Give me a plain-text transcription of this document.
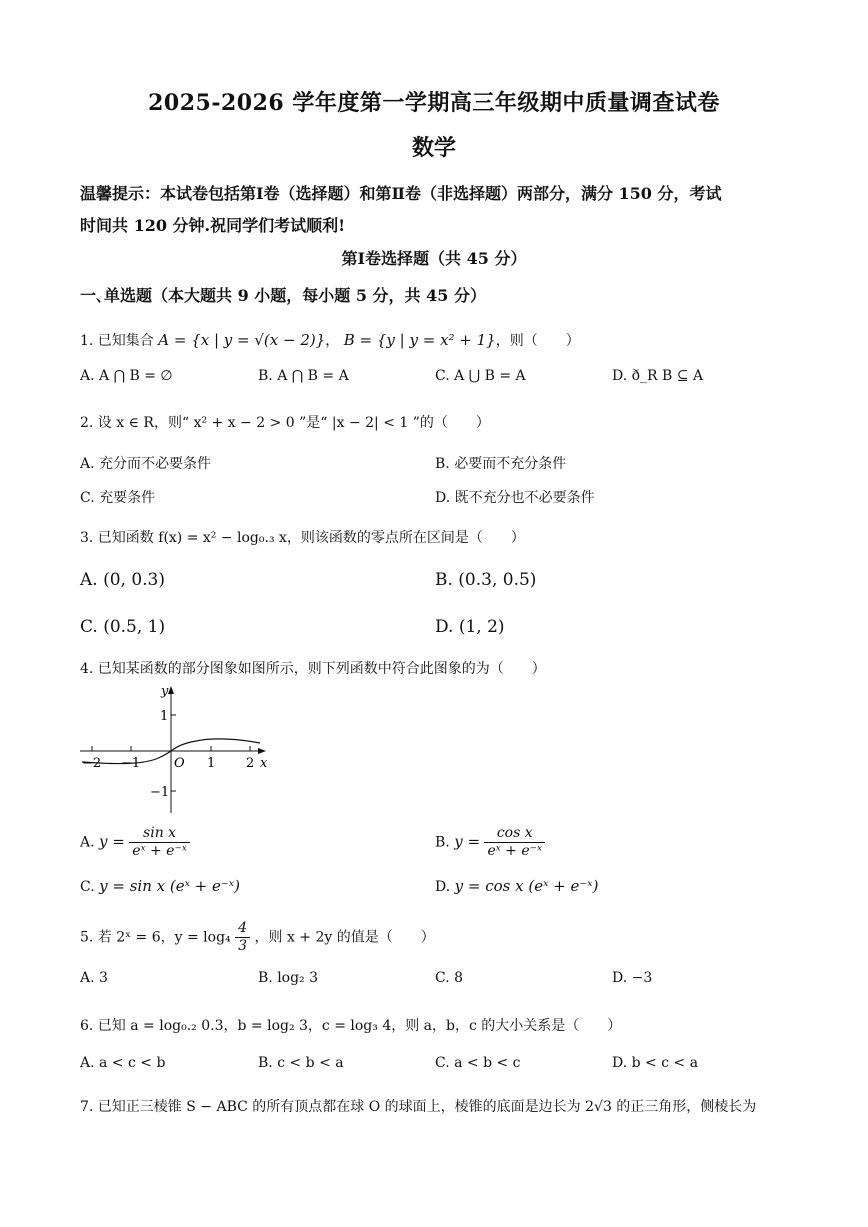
2025-2026 学年度第一学期高三年级期中质量调查试卷
数学
温馨提示：本试卷包括第Ⅰ卷（选择题）和第Ⅱ卷（非选择题）两部分，满分 150 分，考试
时间共 120 分钟.祝同学们考试顺利!
第Ⅰ卷选择题（共 45 分）
一､单选题（本大题共 9 小题，每小题 5 分，共 45 分）
1. 已知集合 A = {x | y = √(x − 2)}， B = {y | y = x² + 1}，则（　　）
A. A ⋂ B = ∅	B. A ⋂ B = A	C. A ⋃ B = A	D. ð_R B ⊆ A
2. 设 x ∈ R，则“ x² + x − 2 > 0 ”是“ |x − 2| < 1 ”的（　　）
A. 充分而不必要条件	B. 必要而不充分条件
C. 充要条件	D. 既不充分也不必要条件
3. 已知函数 f(x) = x² − log₀.₃ x，则该函数的零点所在区间是（　　）
A. (0, 0.3)	B. (0.3, 0.5)
C. (0.5, 1)	D. (1, 2)
4. 已知某函数的部分图象如图所示，则下列函数中符合此图象的为（　　）
y
x
O
−2 −1	1 2
1
−1
A. $y = \frac{\text{sin x}}{\text{eˣ + e⁻ˣ}}$	B. $y = \frac{\text{cos x}}{\text{eˣ + e⁻ˣ}}$
C. y = sin x (eˣ + e⁻ˣ)	D. y = cos x (eˣ + e⁻ˣ)
5. 若 2ˣ = 6，$y = \log_4 \frac{4}{3}$ ，则 x + 2y 的值是（　　）
A. 3	B. log₂ 3	C. 8	D. −3
6. 已知 a = log₀.₂ 0.3，b = log₂ 3，c = log₃ 4，则 a，b，c 的大小关系是（　　）
A. a < c < b	B. c < b < a	C. a < b < c	D. b < c < a
7. 已知正三棱锥 S − ABC 的所有顶点都在球 O 的球面上，棱锥的底面是边长为 2√3 的正三角形，侧棱长为
